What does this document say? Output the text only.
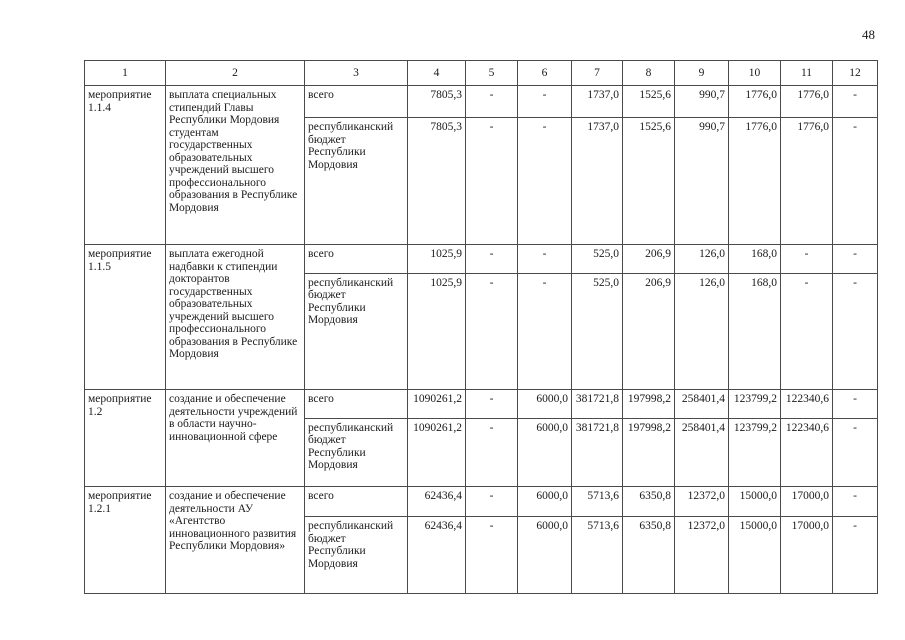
48
1	2	3	4	5	6	7	8	9	10	11	12
мероприятие 1.1.4	выплата специальных стипендий Главы Республики Мордовия студентам государственных образовательных учреждений высшего профессионального образования в Республике Мордовия	всего	7805,3	-	-	1737,0	1525,6	990,7	1776,0	1776,0	-
		республиканский бюджет Республики Мордовия	7805,3	-	-	1737,0	1525,6	990,7	1776,0	1776,0	-
мероприятие 1.1.5	выплата ежегодной надбавки к стипендии докторантов государственных образовательных учреждений высшего профессионального образования в Республике Мордовия	всего	1025,9	-	-	525,0	206,9	126,0	168,0	-	-
		республиканский бюджет Республики Мордовия	1025,9	-	-	525,0	206,9	126,0	168,0	-	-
мероприятие 1.2	создание и обеспечение деятельности учреждений в области научно-инновационной сфере	всего	1090261,2	-	6000,0	381721,8	197998,2	258401,4	123799,2	122340,6	-
		республиканский бюджет Республики Мордовия	1090261,2	-	6000,0	381721,8	197998,2	258401,4	123799,2	122340,6	-
мероприятие 1.2.1	создание и обеспечение деятельности АУ «Агентство инновационного развития Республики Мордовия»	всего	62436,4	-	6000,0	5713,6	6350,8	12372,0	15000,0	17000,0	-
		республиканский бюджет Республики Мордовия	62436,4	-	6000,0	5713,6	6350,8	12372,0	15000,0	17000,0	-
